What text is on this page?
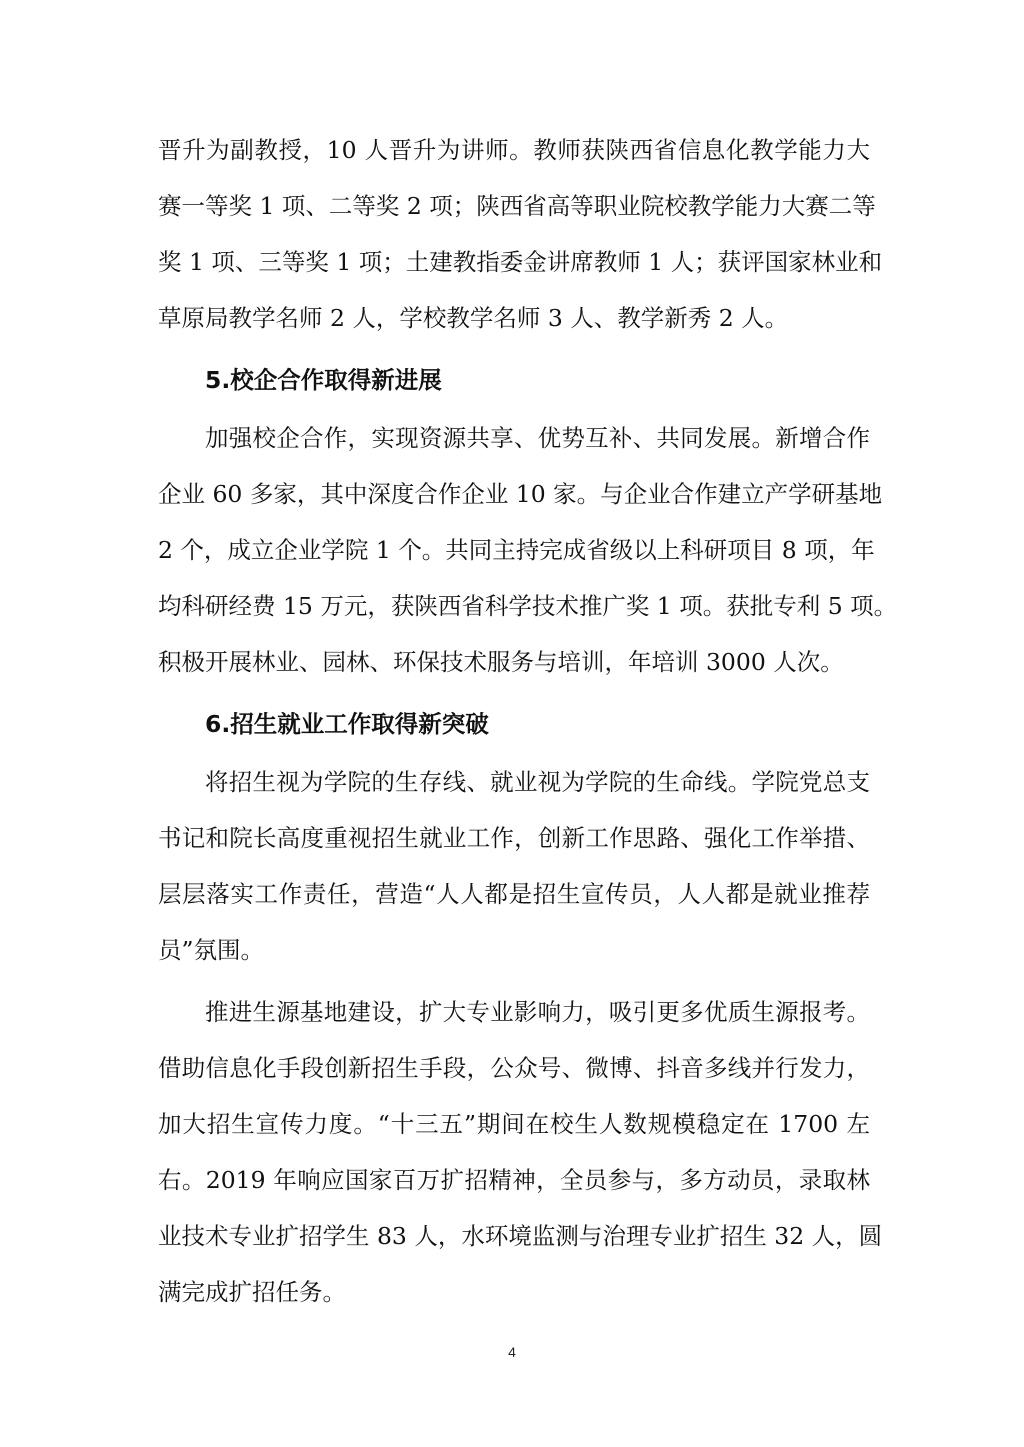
晋升为副教授，10 人晋升为讲师。教师获陕西省信息化教学能力大
赛一等奖 1 项、二等奖 2 项；陕西省高等职业院校教学能力大赛二等
奖 1 项、三等奖 1 项；土建教指委金讲席教师 1 人；获评国家林业和
草原局教学名师 2 人，学校教学名师 3 人、教学新秀 2 人。
5.校企合作取得新进展
加强校企合作，实现资源共享、优势互补、共同发展。新增合作
企业 60 多家，其中深度合作企业 10 家。与企业合作建立产学研基地
2 个，成立企业学院 1 个。共同主持完成省级以上科研项目 8 项，年
均科研经费 15 万元，获陕西省科学技术推广奖 1 项。获批专利 5 项。
积极开展林业、园林、环保技术服务与培训，年培训 3000 人次。
6.招生就业工作取得新突破
将招生视为学院的生存线、就业视为学院的生命线。学院党总支
书记和院长高度重视招生就业工作，创新工作思路、强化工作举措、
层层落实工作责任，营造“人人都是招生宣传员，人人都是就业推荐
员”氛围。
推进生源基地建设，扩大专业影响力，吸引更多优质生源报考。
借助信息化手段创新招生手段，公众号、微博、抖音多线并行发力，
加大招生宣传力度。“十三五”期间在校生人数规模稳定在 1700 左
右。2019 年响应国家百万扩招精神，全员参与，多方动员，录取林
业技术专业扩招学生 83 人，水环境监测与治理专业扩招生 32 人，圆
满完成扩招任务。
4
